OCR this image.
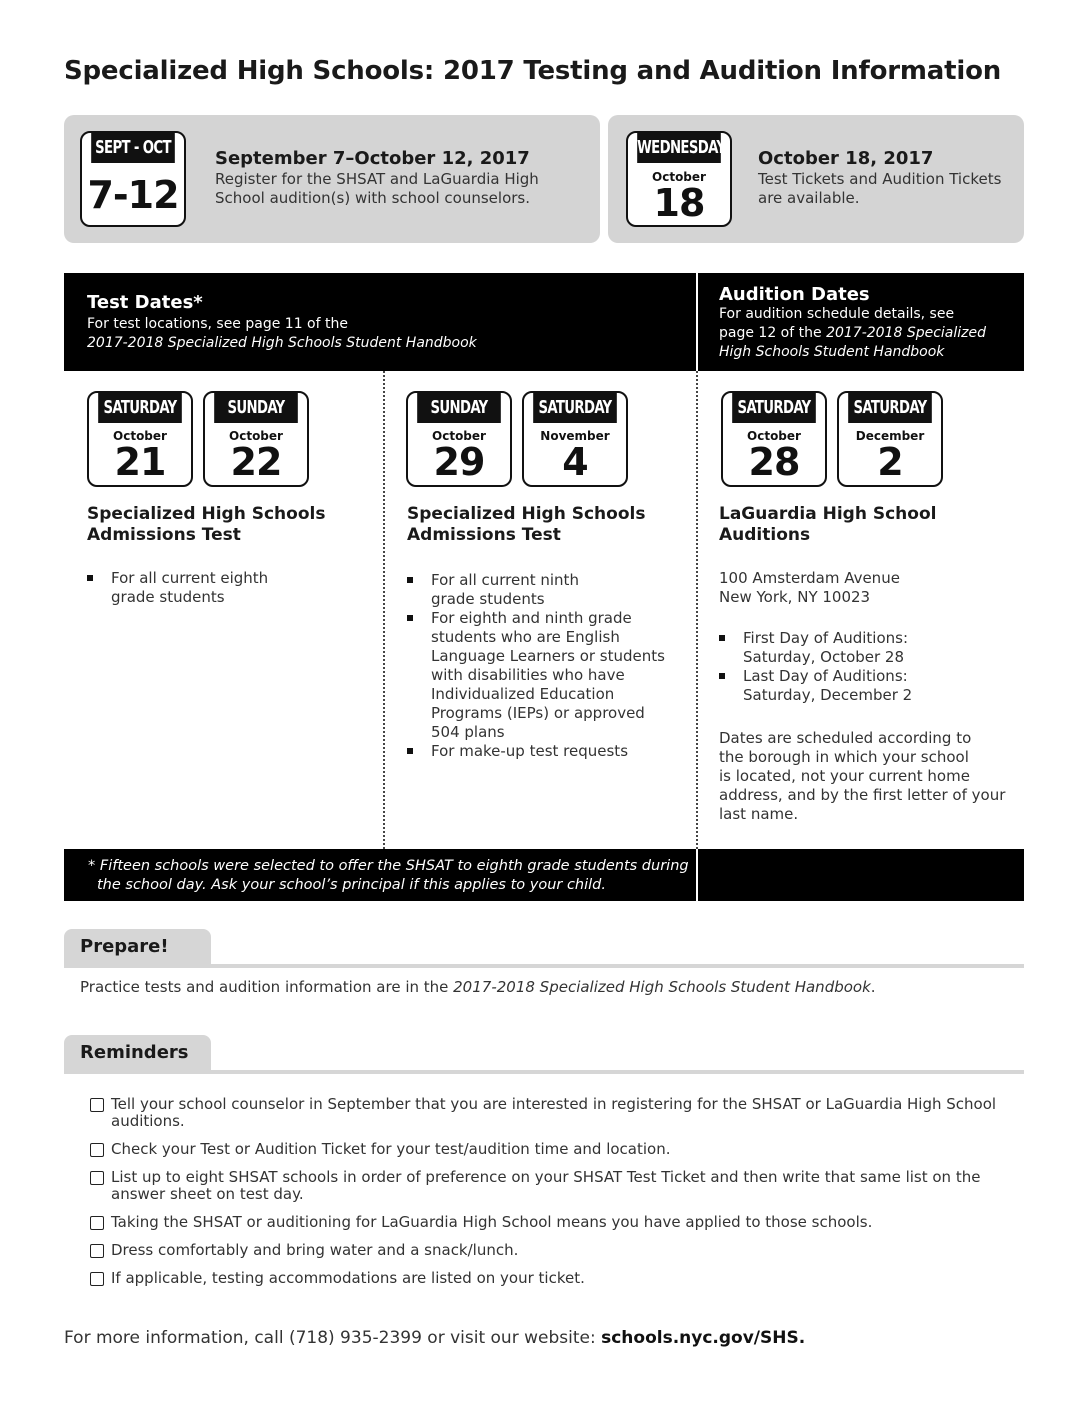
Specialized High Schools: 2017 Testing and Audition Information
SEPT - OCT
7-12
September 7–October 12, 2017
Register for the SHSAT and LaGuardia High
School audition(s) with school counselors.
WEDNESDAY
October
18
October 18, 2017
Test Tickets and Audition Tickets
are available.
Test Dates*
For test locations, see page 11 of the
2017-2018 Specialized High Schools Student Handbook
Audition Dates
For audition schedule details, see
page 12 of the 2017-2018 Specialized
High Schools Student Handbook
SATURDAY
October
21
SUNDAY
October
22
Specialized High Schools
Admissions Test
For all current eighth
grade students
SUNDAY
October
29
SATURDAY
November
4
Specialized High Schools
Admissions Test
For all current ninth
grade students
For eighth and ninth grade
students who are English
Language Learners or students
with disabilities who have
Individualized Education
Programs (IEPs) or approved
504 plans
For make-up test requests
SATURDAY
October
28
SATURDAY
December
2
LaGuardia High School
Auditions
100 Amsterdam Avenue
New York, NY 10023
First Day of Auditions:
Saturday, October 28
Last Day of Auditions:
Saturday, December 2
Dates are scheduled according to
the borough in which your school
is located, not your current home
address, and by the first letter of your
last name.
* Fifteen schools were selected to offer the SHSAT to eighth grade students during
the school day. Ask your school’s principal if this applies to your child.
Prepare!
Practice tests and audition information are in the 2017-2018 Specialized High Schools Student Handbook.
Reminders
Tell your school counselor in September that you are interested in registering for the SHSAT or LaGuardia High School
auditions.
Check your Test or Audition Ticket for your test/audition time and location.
List up to eight SHSAT schools in order of preference on your SHSAT Test Ticket and then write that same list on the
answer sheet on test day.
Taking the SHSAT or auditioning for LaGuardia High School means you have applied to those schools.
Dress comfortably and bring water and a snack/lunch.
If applicable, testing accommodations are listed on your ticket.
For more information, call (718) 935-2399 or visit our website: schools.nyc.gov/SHS.
